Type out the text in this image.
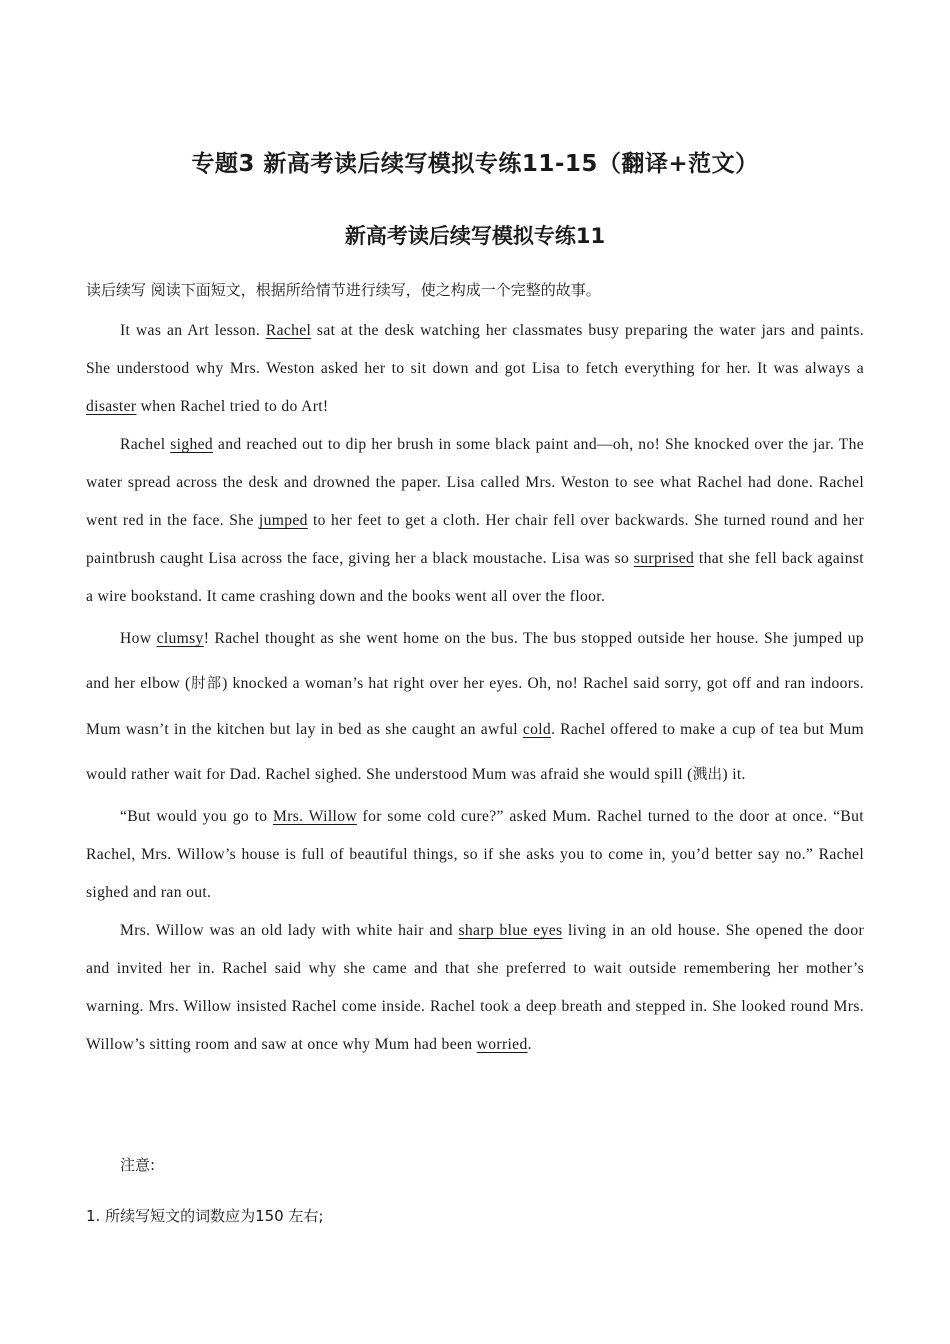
专题3 新高考读后续写模拟专练11-15（翻译+范文）
新高考读后续写模拟专练11
读后续写 阅读下面短文，根据所给情节进行续写，使之构成一个完整的故事。

It was an Art lesson. Rachel sat at the desk watching her classmates busy preparing the water jars and paints. She understood why Mrs. Weston asked her to sit down and got Lisa to fetch everything for her. It was always a disaster when Rachel tried to do Art!

Rachel sighed and reached out to dip her brush in some black paint and—oh, no! She knocked over the jar. The water spread across the desk and drowned the paper. Lisa called Mrs. Weston to see what Rachel had done. Rachel went red in the face. She jumped to her feet to get a cloth. Her chair fell over backwards. She turned round and her paintbrush caught Lisa across the face, giving her a black moustache. Lisa was so surprised that she fell back against a wire bookstand. It came crashing down and the books went all over the floor.

How clumsy! Rachel thought as she went home on the bus. The bus stopped outside her house. She jumped up and her elbow (肘部) knocked a woman’s hat right over her eyes. Oh, no! Rachel said sorry, got off and ran indoors. Mum wasn’t in the kitchen but lay in bed as she caught an awful cold. Rachel offered to make a cup of tea but Mum would rather wait for Dad. Rachel sighed. She understood Mum was afraid she would spill (溅出) it.

“But would you go to Mrs. Willow for some cold cure?” asked Mum. Rachel turned to the door at once. “But Rachel, Mrs. Willow’s house is full of beautiful things, so if she asks you to come in, you’d better say no.” Rachel sighed and ran out.

Mrs. Willow was an old lady with white hair and sharp blue eyes living in an old house. She opened the door and invited her in. Rachel said why she came and that she preferred to wait outside remembering her mother’s warning. Mrs. Willow insisted Rachel come inside. Rachel took a deep breath and stepped in. She looked round Mrs. Willow’s sitting room and saw at once why Mum had been worried.

注意:
1. 所续写短文的词数应为150 左右;
